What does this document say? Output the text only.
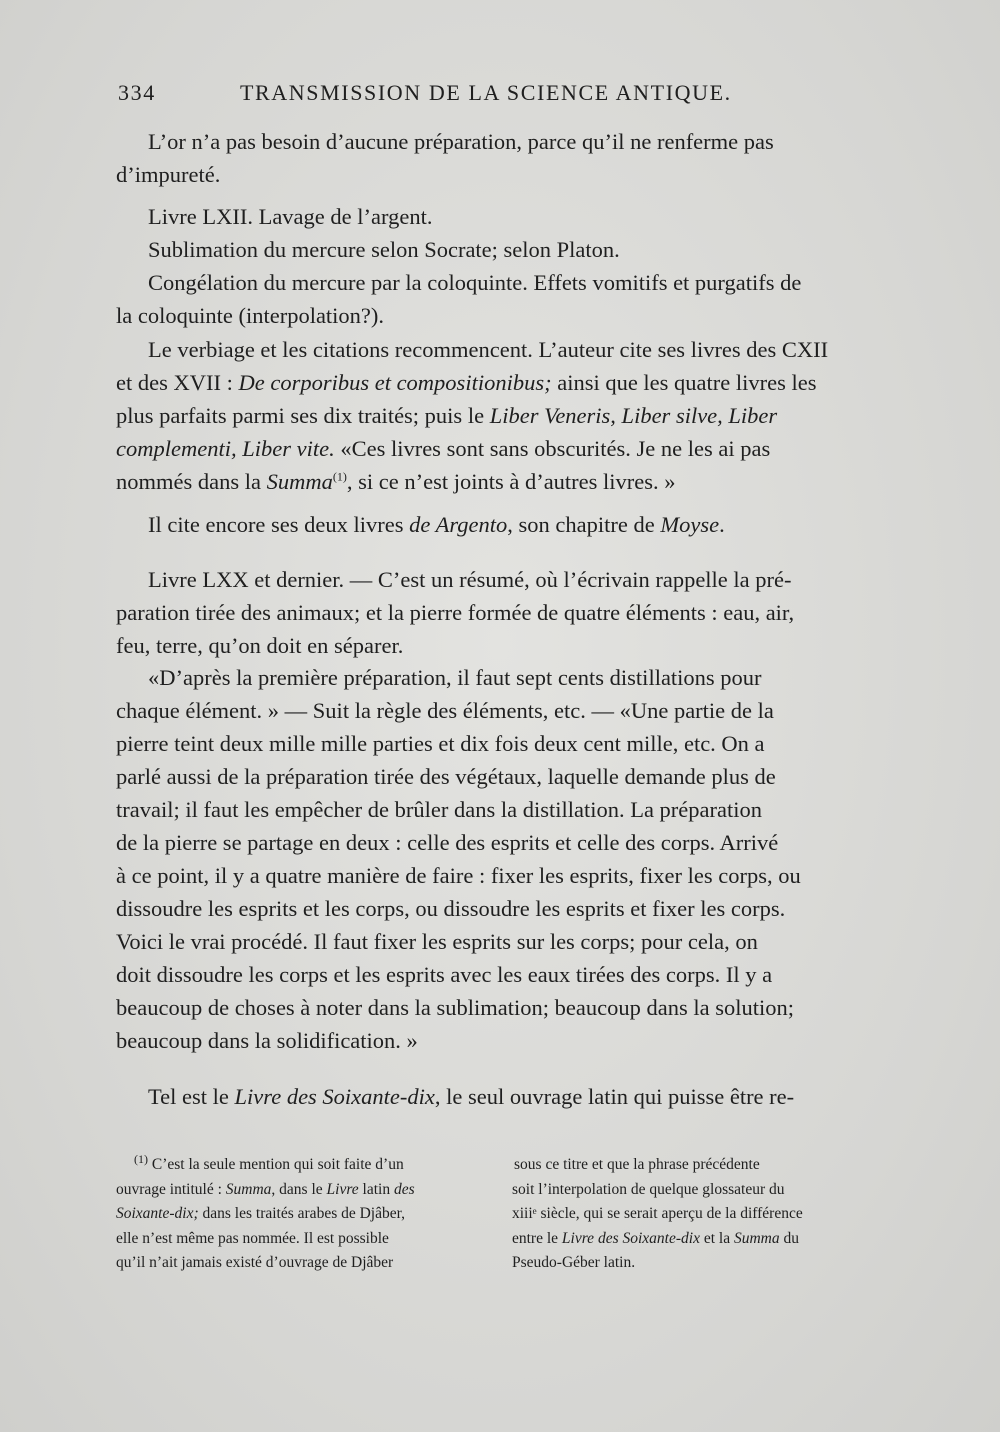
334	TRANSMISSION DE LA SCIENCE ANTIQUE.

L’or n’a pas besoin d’aucune préparation, parce qu’il ne renferme pas
d’impureté.

Livre LXII. Lavage de l’argent.

Sublimation du mercure selon Socrate; selon Platon.

Congélation du mercure par la coloquinte. Effets vomitifs et purgatifs de
la coloquinte (interpolation?).

Le verbiage et les citations recommencent. L’auteur cite ses livres des CXII
et des XVII : De corporibus et compositionibus; ainsi que les quatre livres les
plus parfaits parmi ses dix traités; puis le Liber Veneris, Liber silve, Liber
complementi, Liber vite. «Ces livres sont sans obscurités. Je ne les ai pas
nommés dans la Summa$^{(1)}$, si ce n’est joints à d’autres livres. »

Il cite encore ses deux livres de Argento, son chapitre de Moyse.

Livre LXX et dernier. — C’est un résumé, où l’écrivain rappelle la pré-
paration tirée des animaux; et la pierre formée de quatre éléments : eau, air,
feu, terre, qu’on doit en séparer.

«D’après la première préparation, il faut sept cents distillations pour
chaque élément. » — Suit la règle des éléments, etc. — «Une partie de la
pierre teint deux mille mille parties et dix fois deux cent mille, etc. On a
parlé aussi de la préparation tirée des végétaux, laquelle demande plus de
travail; il faut les empêcher de brûler dans la distillation. La préparation
de la pierre se partage en deux : celle des esprits et celle des corps. Arrivé
à ce point, il y a quatre manière de faire : fixer les esprits, fixer les corps, ou
dissoudre les esprits et les corps, ou dissoudre les esprits et fixer les corps.
Voici le vrai procédé. Il faut fixer les esprits sur les corps; pour cela, on
doit dissoudre les corps et les esprits avec les eaux tirées des corps. Il y a
beaucoup de choses à noter dans la sublimation; beaucoup dans la solution;
beaucoup dans la solidification. »

Tel est le Livre des Soixante-dix, le seul ouvrage latin qui puisse être re-

$^{(1)}$ C’est la seule mention qui soit faite d’un
ouvrage intitulé : Summa, dans le Livre latin des
Soixante-dix; dans les traités arabes de Djâber,
elle n’est même pas nommée. Il est possible
qu’il n’ait jamais existé d’ouvrage de Djâber

sous ce titre et que la phrase précédente
soit l’interpolation de quelque glossateur du
xiiiᵉ siècle, qui se serait aperçu de la différence
entre le Livre des Soixante-dix et la Summa du
Pseudo-Géber latin.
